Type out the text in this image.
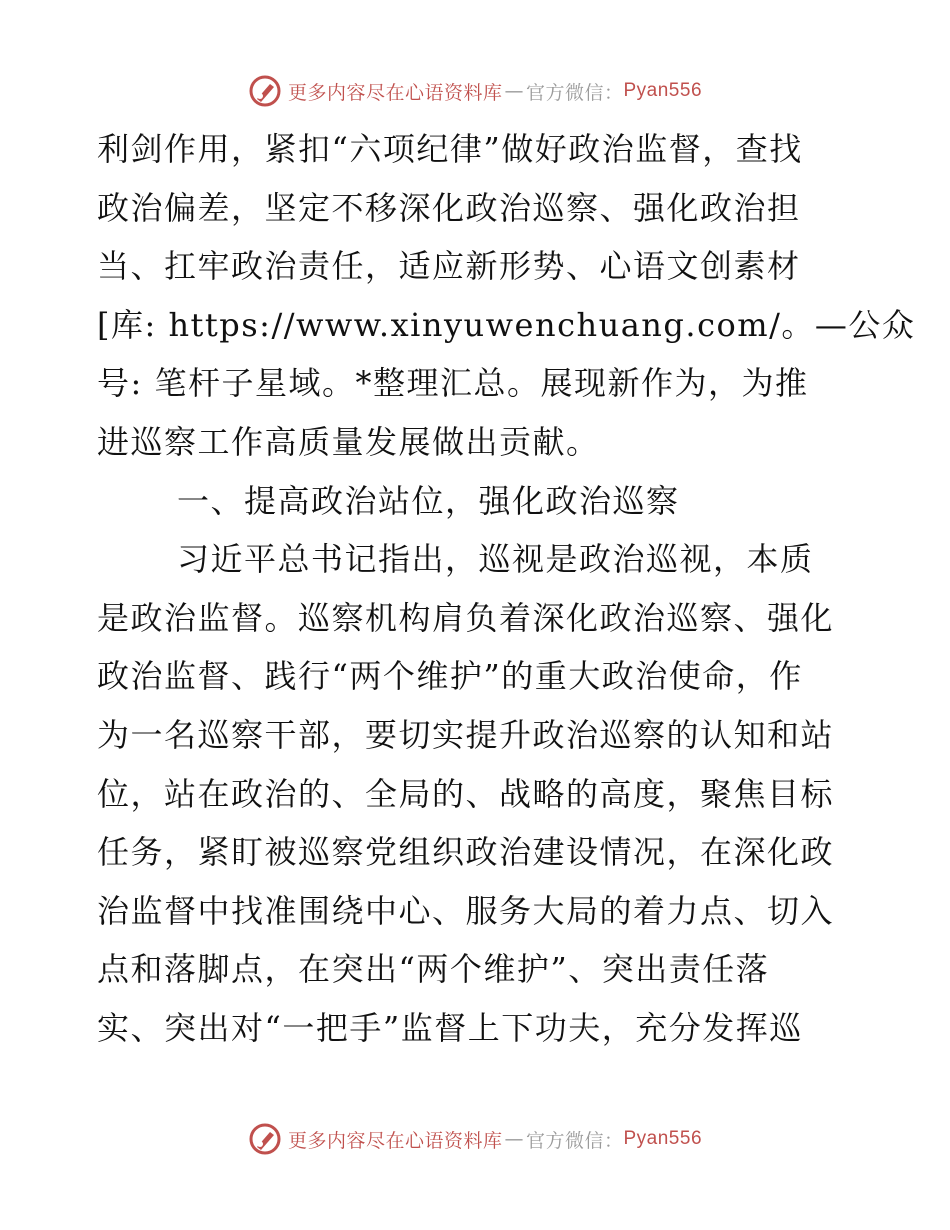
更多内容尽在心语资料库 — 官方微信： Pyan556
利剑作用，紧扣“六项纪律”做好政治监督，查找
政治偏差，坚定不移深化政治巡察、强化政治担
当、扛牢政治责任，适应新形势、心语文创素材
[库: https://www.xinyuwenchuang.com/。—公众
号: 笔杆子星域。*整理汇总。展现新作为，为推
进巡察工作高质量发展做出贡献。
一、提高政治站位，强化政治巡察
习近平总书记指出，巡视是政治巡视，本质
是政治监督。巡察机构肩负着深化政治巡察、强化
政治监督、践行“两个维护”的重大政治使命，作
为一名巡察干部，要切实提升政治巡察的认知和站
位，站在政治的、全局的、战略的高度，聚焦目标
任务，紧盯被巡察党组织政治建设情况，在深化政
治监督中找准围绕中心、服务大局的着力点、切入
点和落脚点，在突出“两个维护”、突出责任落
实、突出对“一把手”监督上下功夫，充分发挥巡
更多内容尽在心语资料库 — 官方微信： Pyan556
